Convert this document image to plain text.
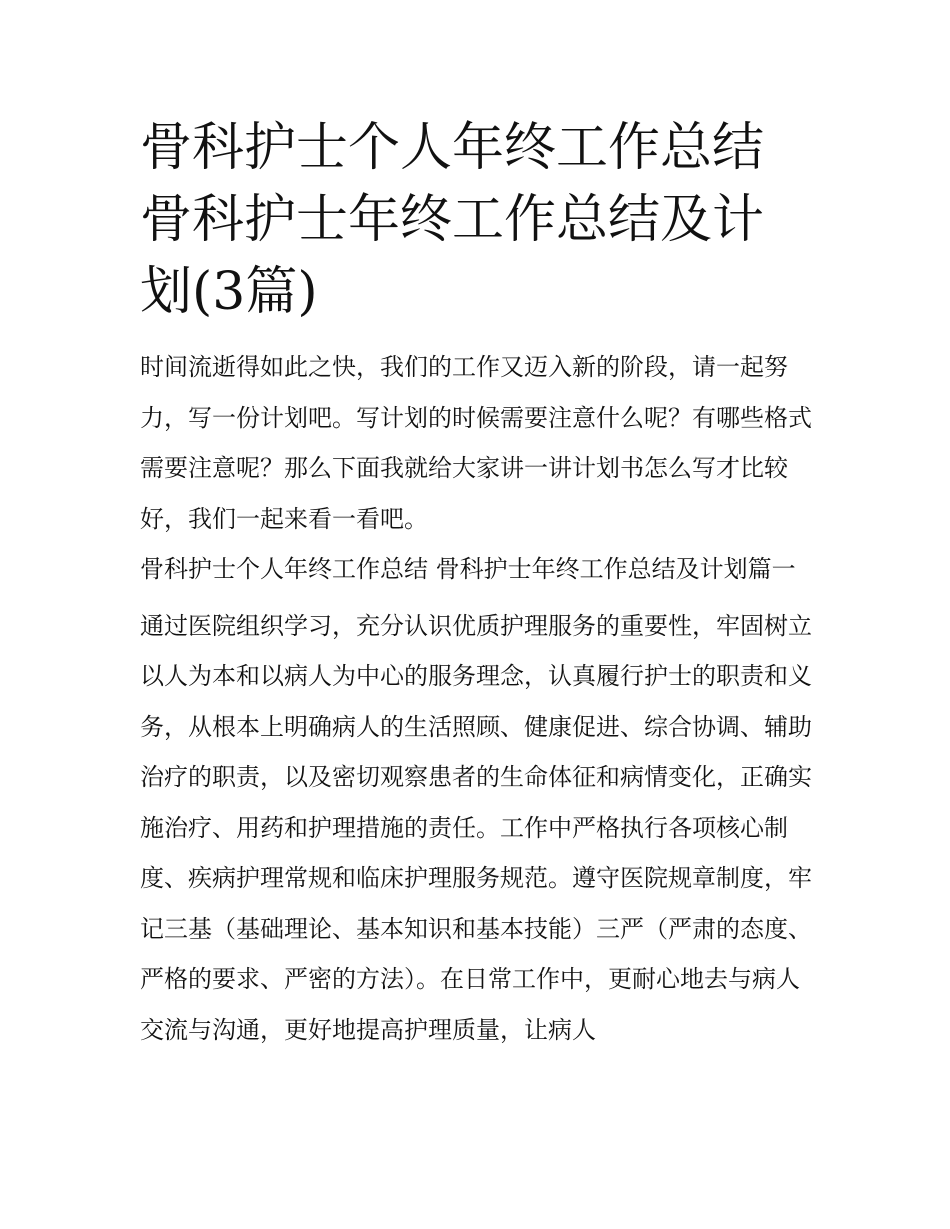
骨科护士个人年终工作总结 骨科护士年终工作总结及计划(3篇)

时间流逝得如此之快，我们的工作又迈入新的阶段，请一起努力，写一份计划吧。写计划的时候需要注意什么呢？有哪些格式需要注意呢？那么下面我就给大家讲一讲计划书怎么写才比较好，我们一起来看一看吧。

骨科护士个人年终工作总结 骨科护士年终工作总结及计划篇一

通过医院组织学习，充分认识优质护理服务的重要性，牢固树立以人为本和以病人为中心的服务理念，认真履行护士的职责和义务，从根本上明确病人的生活照顾、健康促进、综合协调、辅助治疗的职责，以及密切观察患者的生命体征和病情变化，正确实施治疗、用药和护理措施的责任。工作中严格执行各项核心制度、疾病护理常规和临床护理服务规范。遵守医院规章制度，牢记三基（基础理论、基本知识和基本技能）三严（严肃的态度、严格的要求、严密的方法）。在日常工作中，更耐心地去与病人交流与沟通，更好地提高护理质量，让病人
